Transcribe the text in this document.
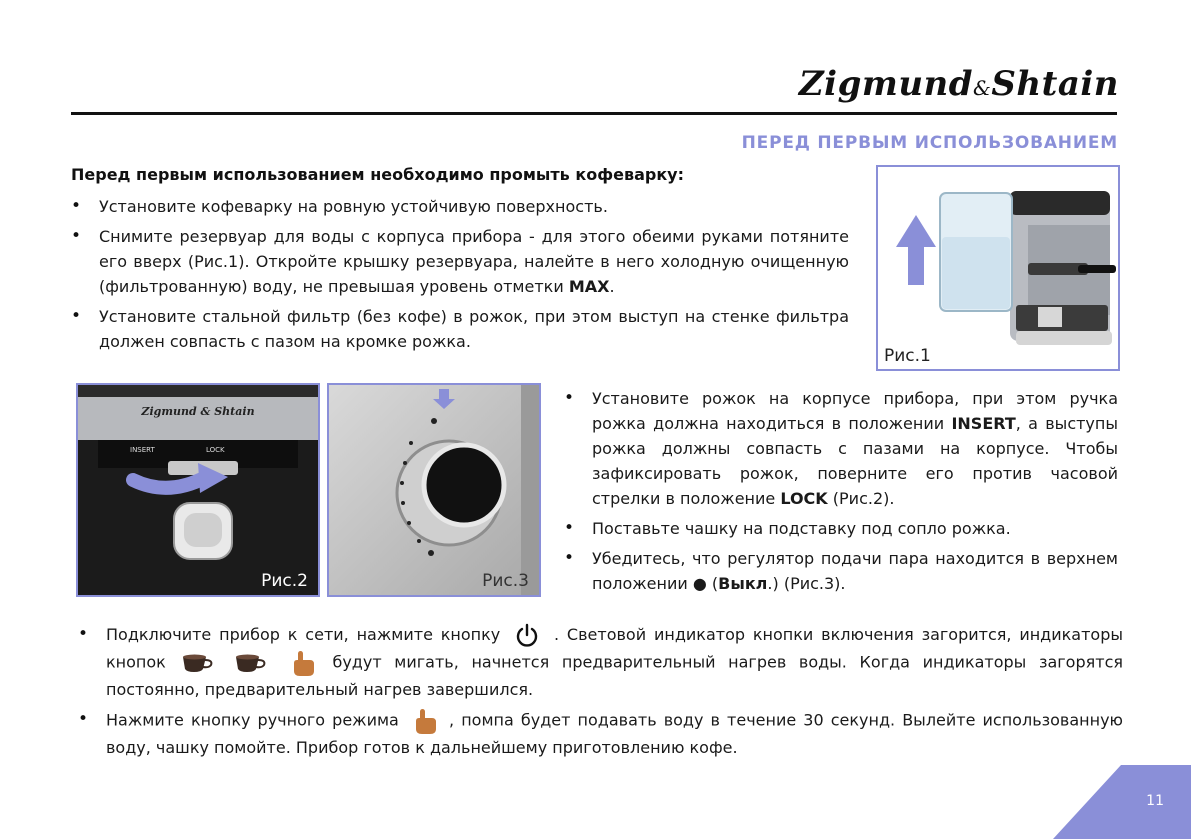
Zigmund&Shtain
ПЕРЕД ПЕРВЫМ ИСПОЛЬЗОВАНИЕМ
Перед первым использованием необходимо промыть кофеварку:
• Установите кофеварку на ровную устойчивую поверхность.
• Снимите резервуар для воды с корпуса прибора - для этого обеими руками потяните его вверх (Рис.1). Откройте крышку резервуара, налейте в него холодную очищенную (фильтрованную) воду, не превышая уровень отметки MAX.
• Установите стальной фильтр (без кофе) в рожок, при этом выступ на стенке фильтра должен совпасть с пазом на кромке рожка.
Рис.1
Zigmund & Shtain
INSERT	LOCK
Рис.2	Рис.3
• Установите рожок на корпусе прибора, при этом ручка рожка должна находиться в положении INSERT, а выступы рожка должны совпасть с пазами на корпусе. Чтобы зафиксировать рожок, поверните его против часовой стрелки в положение LOCK (Рис.2).
• Поставьте чашку на подставку под сопло рожка.
• Убедитесь, что регулятор подачи пара находится в верхнем положении ● (Выкл.) (Рис.3).
• Подключите прибор к сети, нажмите кнопку	. Световой индикатор кнопки включения загорится, индикаторы кнопок	будут мигать, начнется предварительный нагрев воды. Когда индикаторы загорятся постоянно, предварительный нагрев завершился.
• Нажмите кнопку ручного режима	, помпа будет подавать воду в течение 30 секунд. Вылейте использованную воду, чашку помойте. Прибор готов к дальнейшему приготовлению кофе.
11
